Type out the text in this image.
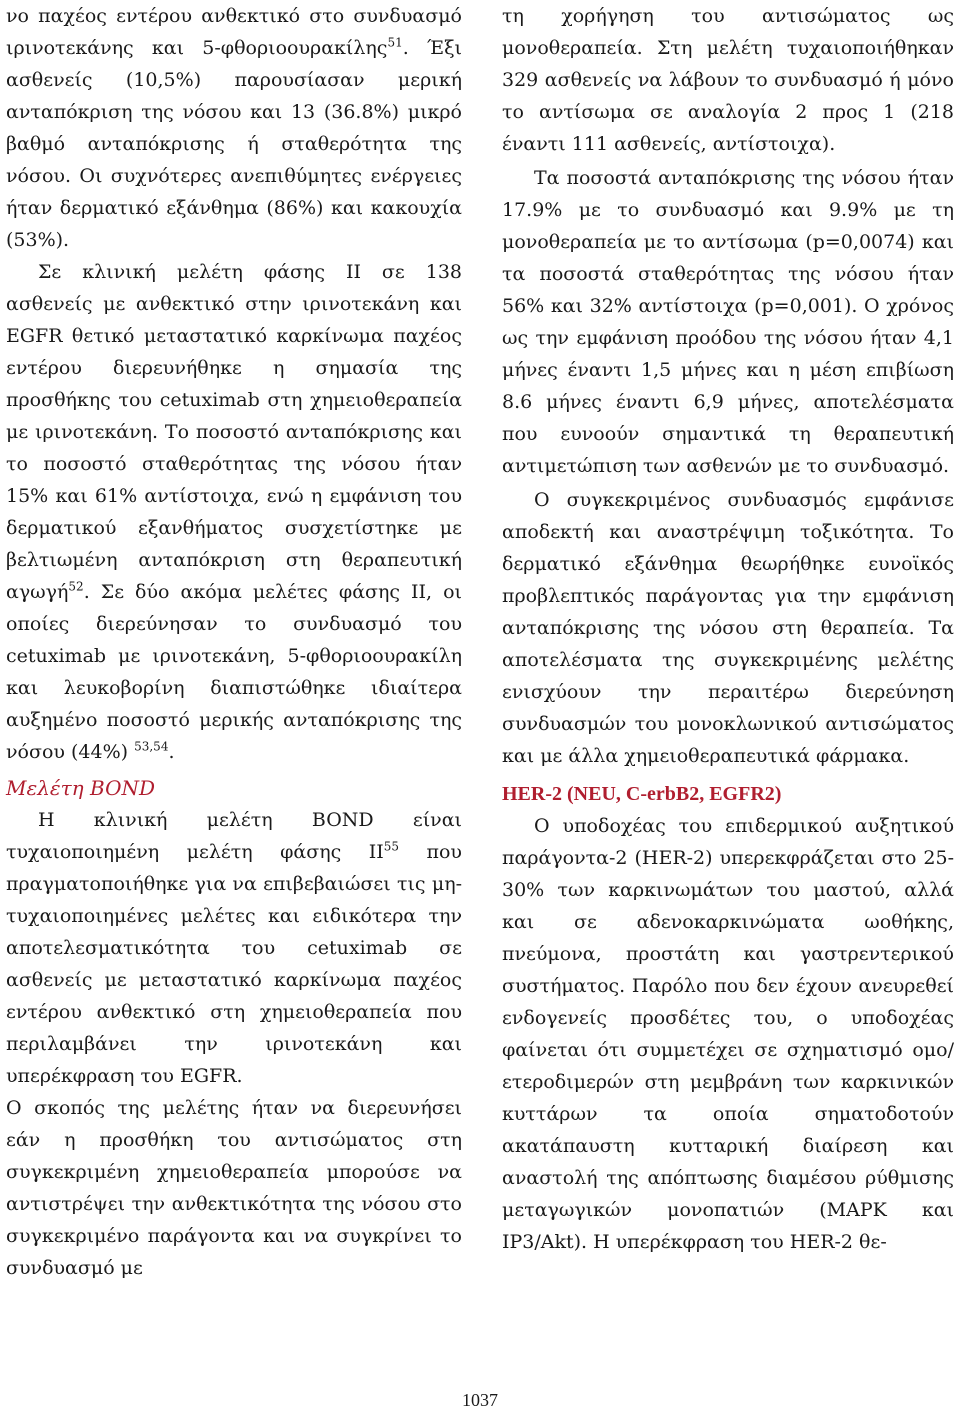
νο παχέος εντέρου ανθεκτικό στο συνδυασμό ιρινοτεκάνης και 5-φθοριοουρακίλης$^{51}$. Έξι ασθενείς (10,5%) παρουσίασαν μερική ανταπόκριση της νόσου και 13 (36.8%) μικρό βαθμό ανταπόκρισης ή σταθερότητα της νόσου. Οι συχνότερες ανεπιθύμητες ενέργειες ήταν δερματικό εξάνθημα (86%) και κακουχία (53%).

Σε κλινική μελέτη φάσης ΙΙ σε 138 ασθενείς με ανθεκτικό στην ιρινοτεκάνη και EGFR θετικό μεταστατικό καρκίνωμα παχέος εντέρου διερευνήθηκε η σημασία της προσθήκης του cetuximab στη χημειοθεραπεία με ιρινοτεκάνη. Το ποσοστό ανταπόκρισης και το ποσοστό σταθερότητας της νόσου ήταν 15% και 61% αντίστοιχα, ενώ η εμφάνιση του δερματικού εξανθήματος συσχετίστηκε με βελτιωμένη ανταπόκριση στη θεραπευτική αγωγή$^{52}$. Σε δύο ακόμα μελέτες φάσης ΙΙ, οι οποίες διερεύνησαν το συνδυασμό του cetuximab με ιρινοτεκάνη, 5-φθοριοουρακίλη και λευκοβορίνη διαπιστώθηκε ιδιαίτερα αυξημένο ποσοστό μερικής ανταπόκρισης της νόσου (44%) $^{53,54}$.

Μελέτη BOND

Η κλινική μελέτη BOND είναι τυχαιοποιημένη μελέτη φάσης ΙΙ$^{55}$ που πραγματοποιήθηκε για να επιβεβαιώσει τις μη-τυχαιοποιημένες μελέτες και ειδικότερα την αποτελεσματικότητα του cetuximab σε ασθενείς με μεταστατικό καρκίνωμα παχέος εντέρου ανθεκτικό στη χημειοθεραπεία που περιλαμβάνει την ιρινοτεκάνη και υπερέκφραση του EGFR.

Ο σκοπός της μελέτης ήταν να διερευνήσει εάν η προσθήκη του αντισώματος στη συγκεκριμένη χημειοθεραπεία μπορούσε να αντιστρέψει την ανθεκτικότητα της νόσου στο συγκεκριμένο παράγοντα και να συγκρίνει το συνδυασμό με

τη χορήγηση του αντισώματος ως μονοθεραπεία. Στη μελέτη τυχαιοποιήθηκαν 329 ασθενείς να λάβουν το συνδυασμό ή μόνο το αντίσωμα σε αναλογία 2 προς 1 (218 έναντι 111 ασθενείς, αντίστοιχα).

Τα ποσοστά ανταπόκρισης της νόσου ήταν 17.9% με το συνδυασμό και 9.9% με τη μονοθεραπεία με το αντίσωμα (p=0,0074) και τα ποσοστά σταθερότητας της νόσου ήταν 56% και 32% αντίστοιχα (p=0,001). Ο χρόνος ως την εμφάνιση προόδου της νόσου ήταν 4,1 μήνες έναντι 1,5 μήνες και η μέση επιβίωση 8.6 μήνες έναντι 6,9 μήνες, αποτελέσματα που ευνοούν σημαντικά τη θεραπευτική αντιμετώπιση των ασθενών με το συνδυασμό.

Ο συγκεκριμένος συνδυασμός εμφάνισε αποδεκτή και αναστρέψιμη τοξικότητα. Το δερματικό εξάνθημα θεωρήθηκε ευνοϊκός προβλεπτικός παράγοντας για την εμφάνιση ανταπόκρισης της νόσου στη θεραπεία. Τα αποτελέσματα της συγκεκριμένης μελέτης ενισχύουν την περαιτέρω διερεύνηση συνδυασμών του μονοκλωνικού αντισώματος και με άλλα χημειοθεραπευτικά φάρμακα.

HER-2 (NEU, C-erbB2, EGFR2)

Ο υποδοχέας του επιδερμικού αυξητικού παράγοντα-2 (HER-2) υπερεκφράζεται στο 25-30% των καρκινωμάτων του μαστού, αλλά και σε αδενοκαρκινώματα ωοθήκης, πνεύμονα, προστάτη και γαστρεντερικού συστήματος. Παρόλο που δεν έχουν ανευρεθεί ενδογενείς προσδέτες του, ο υποδοχέας φαίνεται ότι συμμετέχει σε σχηματισμό ομο/ετεροδιμερών στη μεμβράνη των καρκινικών κυττάρων τα οποία σηματοδοτούν ακατάπαυστη κυτταρική διαίρεση και αναστολή της απόπτωσης διαμέσου ρύθμισης μεταγωγικών μονοπατιών (MAPK και IP3/Akt). Η υπερέκφραση του HER-2 θε-

1037
